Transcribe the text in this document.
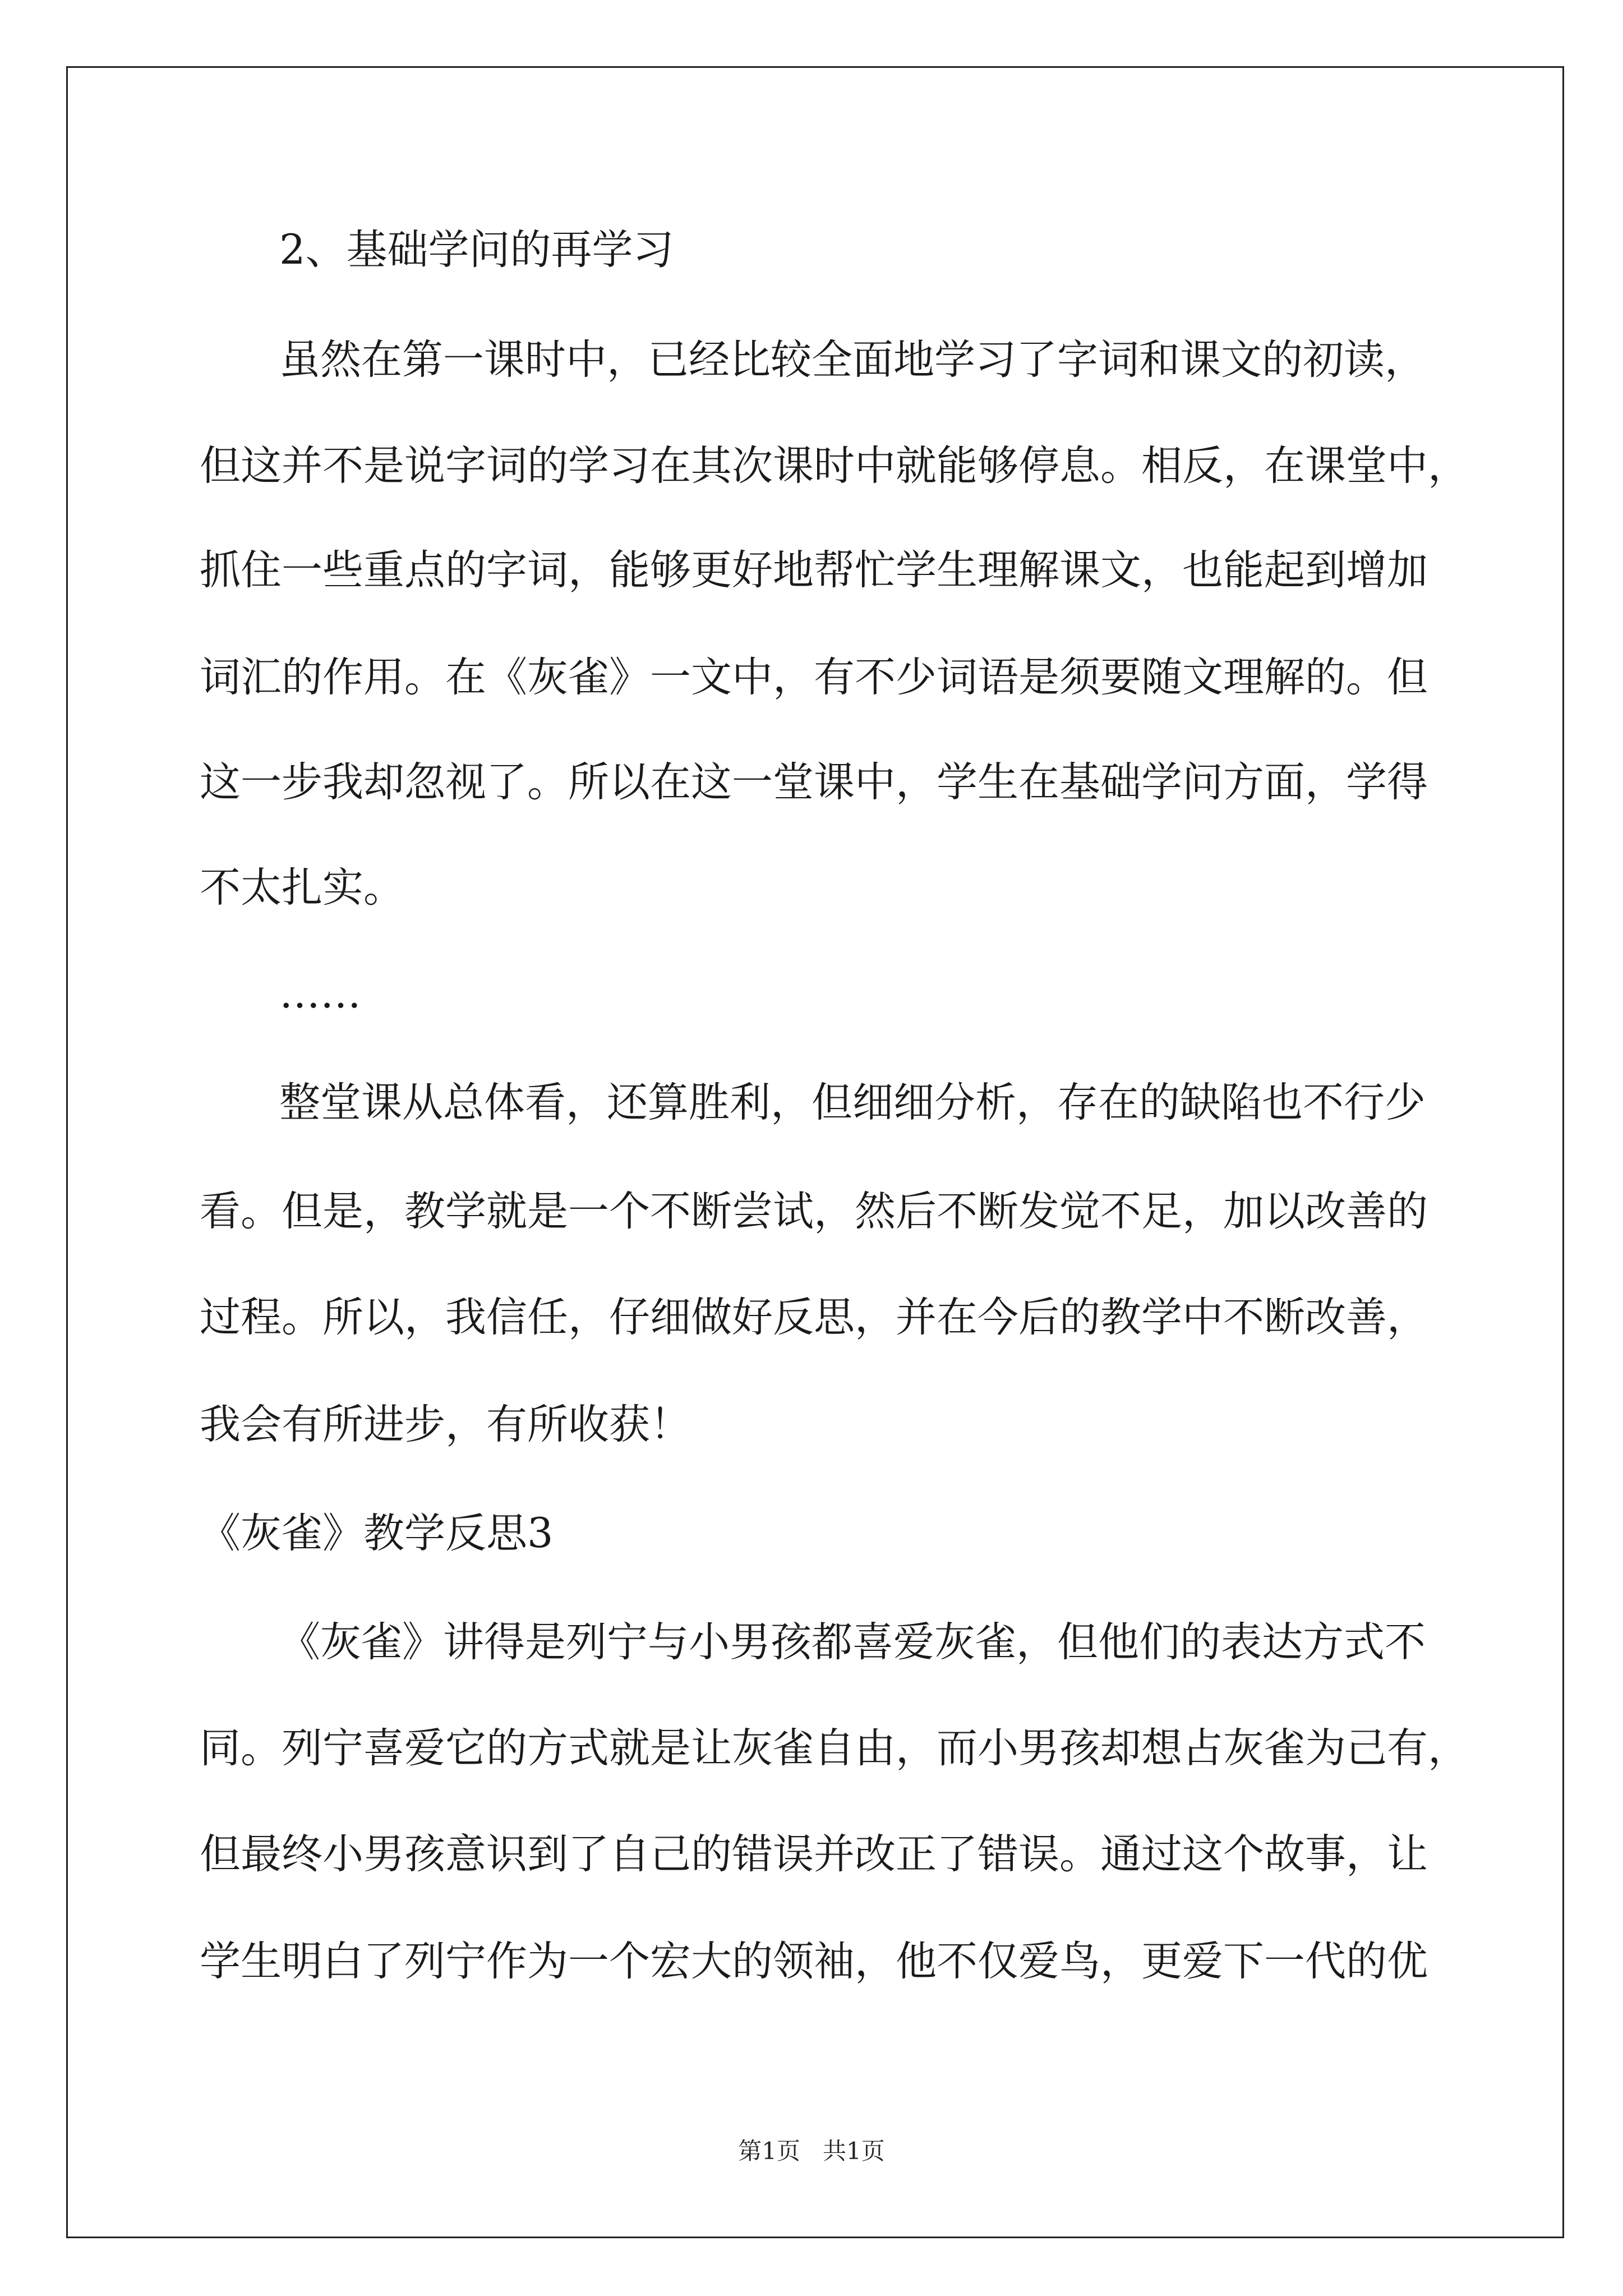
2、基础学问的再学习
虽然在第一课时中，已经比较全面地学习了字词和课文的初读，
但这并不是说字词的学习在其次课时中就能够停息。相反，在课堂中，
抓住一些重点的字词，能够更好地帮忙学生理解课文，也能起到增加
词汇的作用。在《灰雀》一文中，有不少词语是须要随文理解的。但
这一步我却忽视了。所以在这一堂课中，学生在基础学问方面，学得
不太扎实。
……
整堂课从总体看，还算胜利，但细细分析，存在的缺陷也不行少
看。但是，教学就是一个不断尝试，然后不断发觉不足，加以改善的
过程。所以，我信任，仔细做好反思，并在今后的教学中不断改善，
我会有所进步，有所收获！
《灰雀》教学反思3
《灰雀》讲得是列宁与小男孩都喜爱灰雀，但他们的表达方式不
同。列宁喜爱它的方式就是让灰雀自由，而小男孩却想占灰雀为己有，
但最终小男孩意识到了自己的错误并改正了错误。通过这个故事，让
学生明白了列宁作为一个宏大的领袖，他不仅爱鸟，更爱下一代的优
第1页 共1页
